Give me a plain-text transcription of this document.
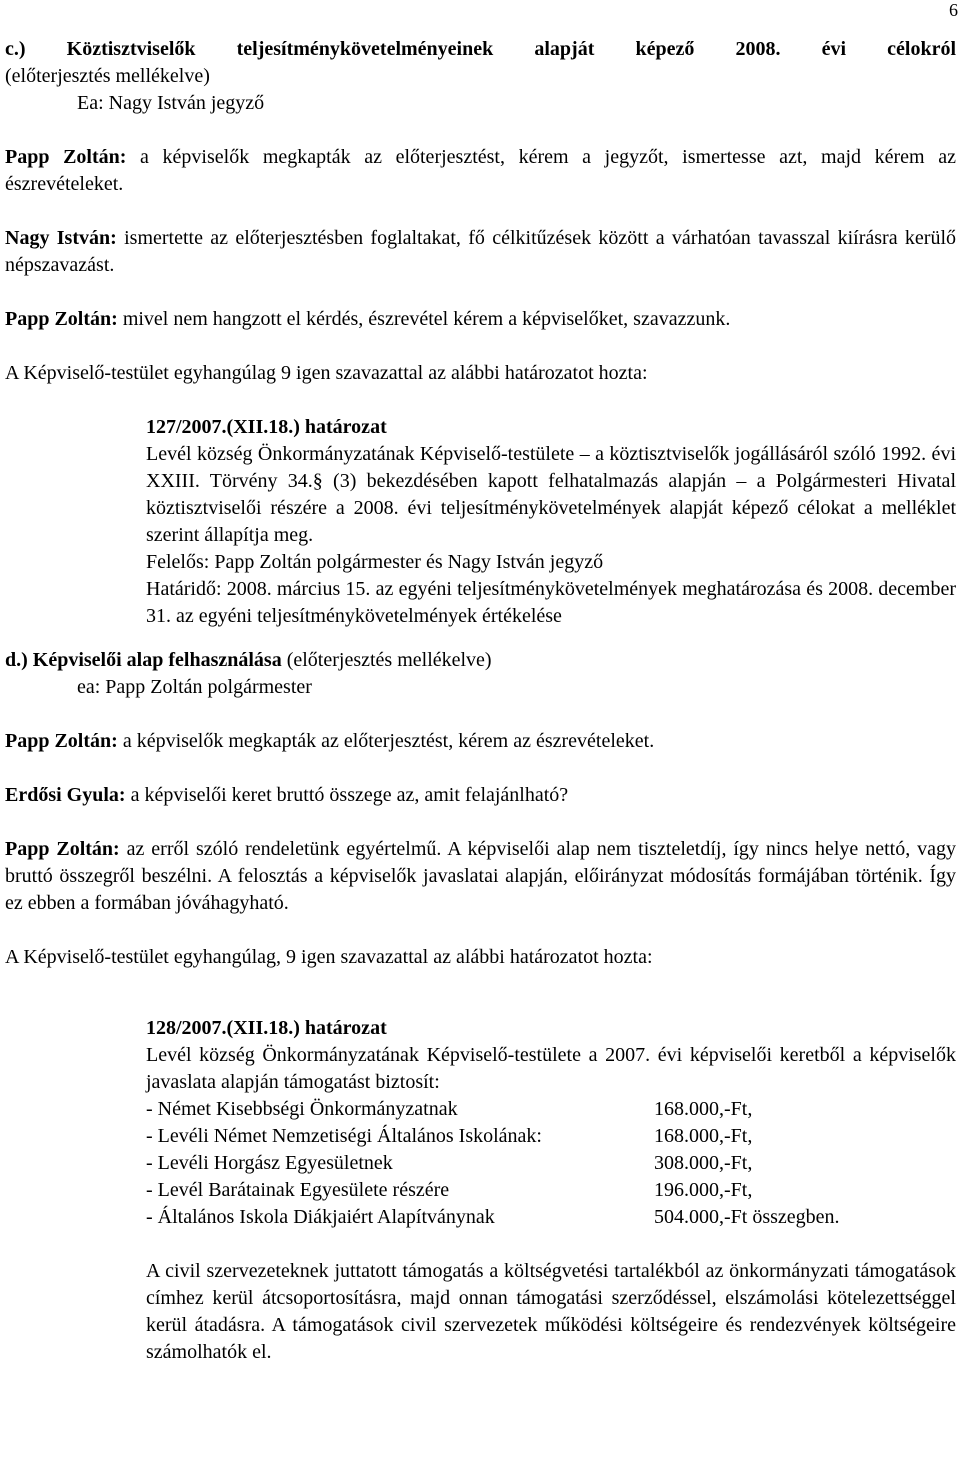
6

c.) Köztisztviselők teljesítménykövetelményeinek alapját képező 2008. évi célokról

(előterjesztés mellékelve)

Ea: Nagy István jegyző

Papp Zoltán: a képviselők megkapták az előterjesztést, kérem a jegyzőt, ismertesse azt, majd kérem az észrevételeket.

Nagy István: ismertette az előterjesztésben foglaltakat, fő célkitűzések között a várhatóan tavasszal kiírásra kerülő népszavazást.

Papp Zoltán: mivel nem hangzott el kérdés, észrevétel kérem a képviselőket, szavazzunk.

A Képviselő-testület egyhangúlag 9 igen szavazattal az alábbi határozatot hozta:

127/2007.(XII.18.) határozat

Levél község Önkormányzatának Képviselő-testülete – a köztisztviselők jogállásáról szóló 1992. évi XXIII. Törvény 34.§ (3) bekezdésében kapott felhatalmazás alapján – a Polgármesteri Hivatal köztisztviselői részére a 2008. évi teljesítménykövetelmények alapját képező célokat a melléklet szerint állapítja meg.

Felelős: Papp Zoltán polgármester és Nagy István jegyző

Határidő: 2008. március 15. az egyéni teljesítménykövetelmények meghatározása és 2008. december 31. az egyéni teljesítménykövetelmények értékelése

d.) Képviselői alap felhasználása (előterjesztés mellékelve)

ea: Papp Zoltán polgármester

Papp Zoltán: a képviselők megkapták az előterjesztést, kérem az észrevételeket.

Erdősi Gyula: a képviselői keret bruttó összege az, amit felajánlható?

Papp Zoltán: az erről szóló rendeletünk egyértelmű. A képviselői alap nem tiszteletdíj, így nincs helye nettó, vagy bruttó összegről beszélni. A felosztás a képviselők javaslatai alapján, előirányzat módosítás formájában történik. Így ez ebben a formában jóváhagyható.

A Képviselő-testület egyhangúlag, 9 igen szavazattal az alábbi határozatot hozta:

128/2007.(XII.18.) határozat

Levél község Önkormányzatának Képviselő-testülete a 2007. évi képviselői keretből a képviselők javaslata alapján támogatást biztosít:

- Német Kisebbségi Önkormányzatnak	168.000,-Ft,
- Levéli Német Nemzetiségi Általános Iskolának:	168.000,-Ft,
- Levéli Horgász Egyesületnek	308.000,-Ft,
- Levél Barátainak Egyesülete részére	196.000,-Ft,
- Általános Iskola Diákjaiért Alapítványnak	504.000,-Ft összegben.

A civil szervezeteknek juttatott támogatás a költségvetési tartalékból az önkormányzati támogatások címhez kerül átcsoportosításra, majd onnan támogatási szerződéssel, elszámolási kötelezettséggel kerül átadásra. A támogatások civil szervezetek működési költségeire és rendezvények költségeire számolhatók el.
